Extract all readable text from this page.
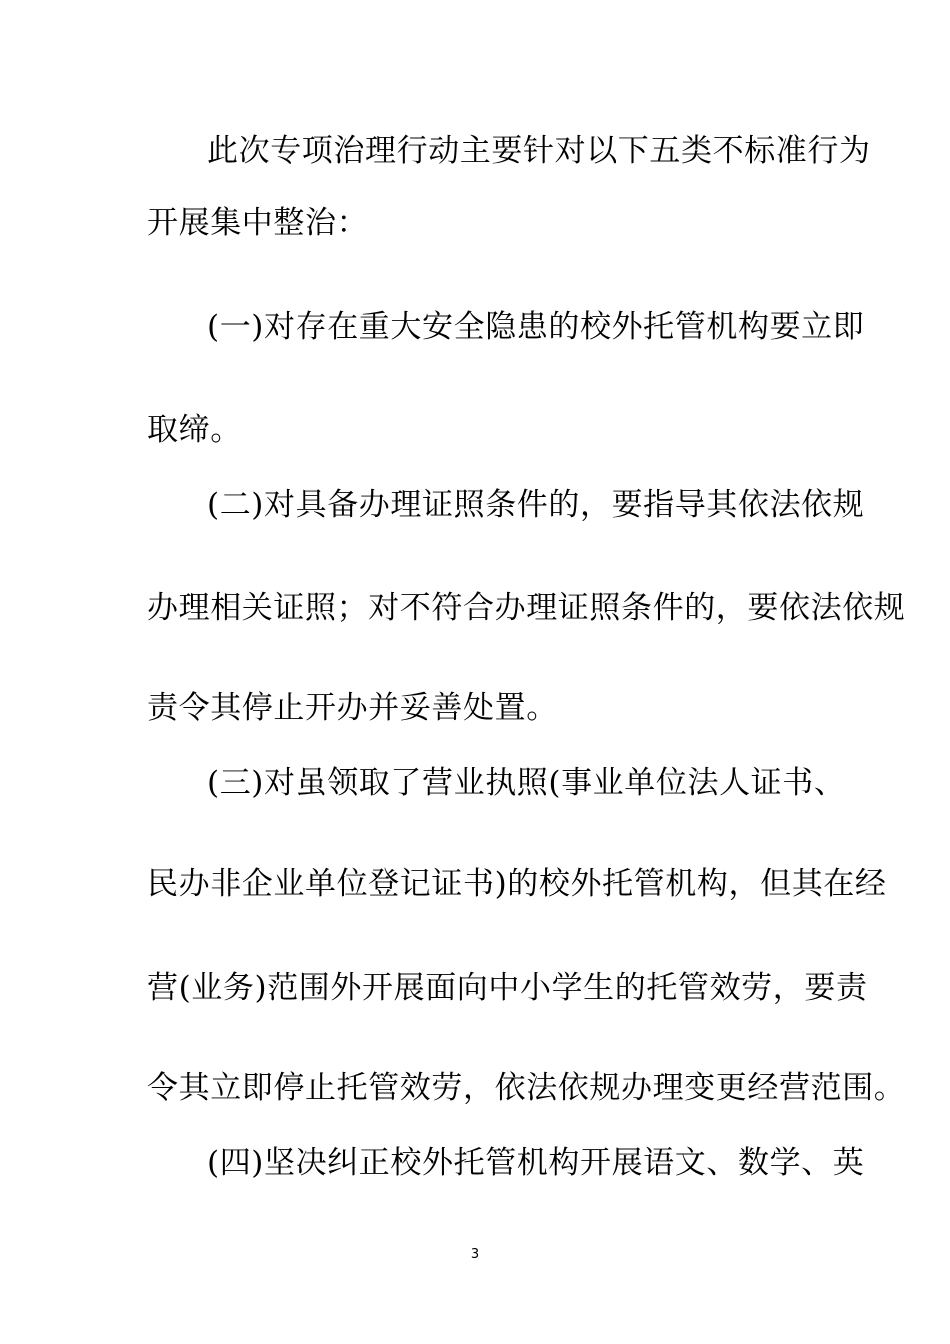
此次专项治理行动主要针对以下五类不标准行为
开展集中整治：
(一)对存在重大安全隐患的校外托管机构要立即
取缔。
(二)对具备办理证照条件的，要指导其依法依规
办理相关证照；对不符合办理证照条件的，要依法依规
责令其停止开办并妥善处置。
(三)对虽领取了营业执照(事业单位法人证书、
民办非企业单位登记证书)的校外托管机构，但其在经
营(业务)范围外开展面向中小学生的托管效劳，要责
令其立即停止托管效劳，依法依规办理变更经营范围。
(四)坚决纠正校外托管机构开展语文、数学、英
3
